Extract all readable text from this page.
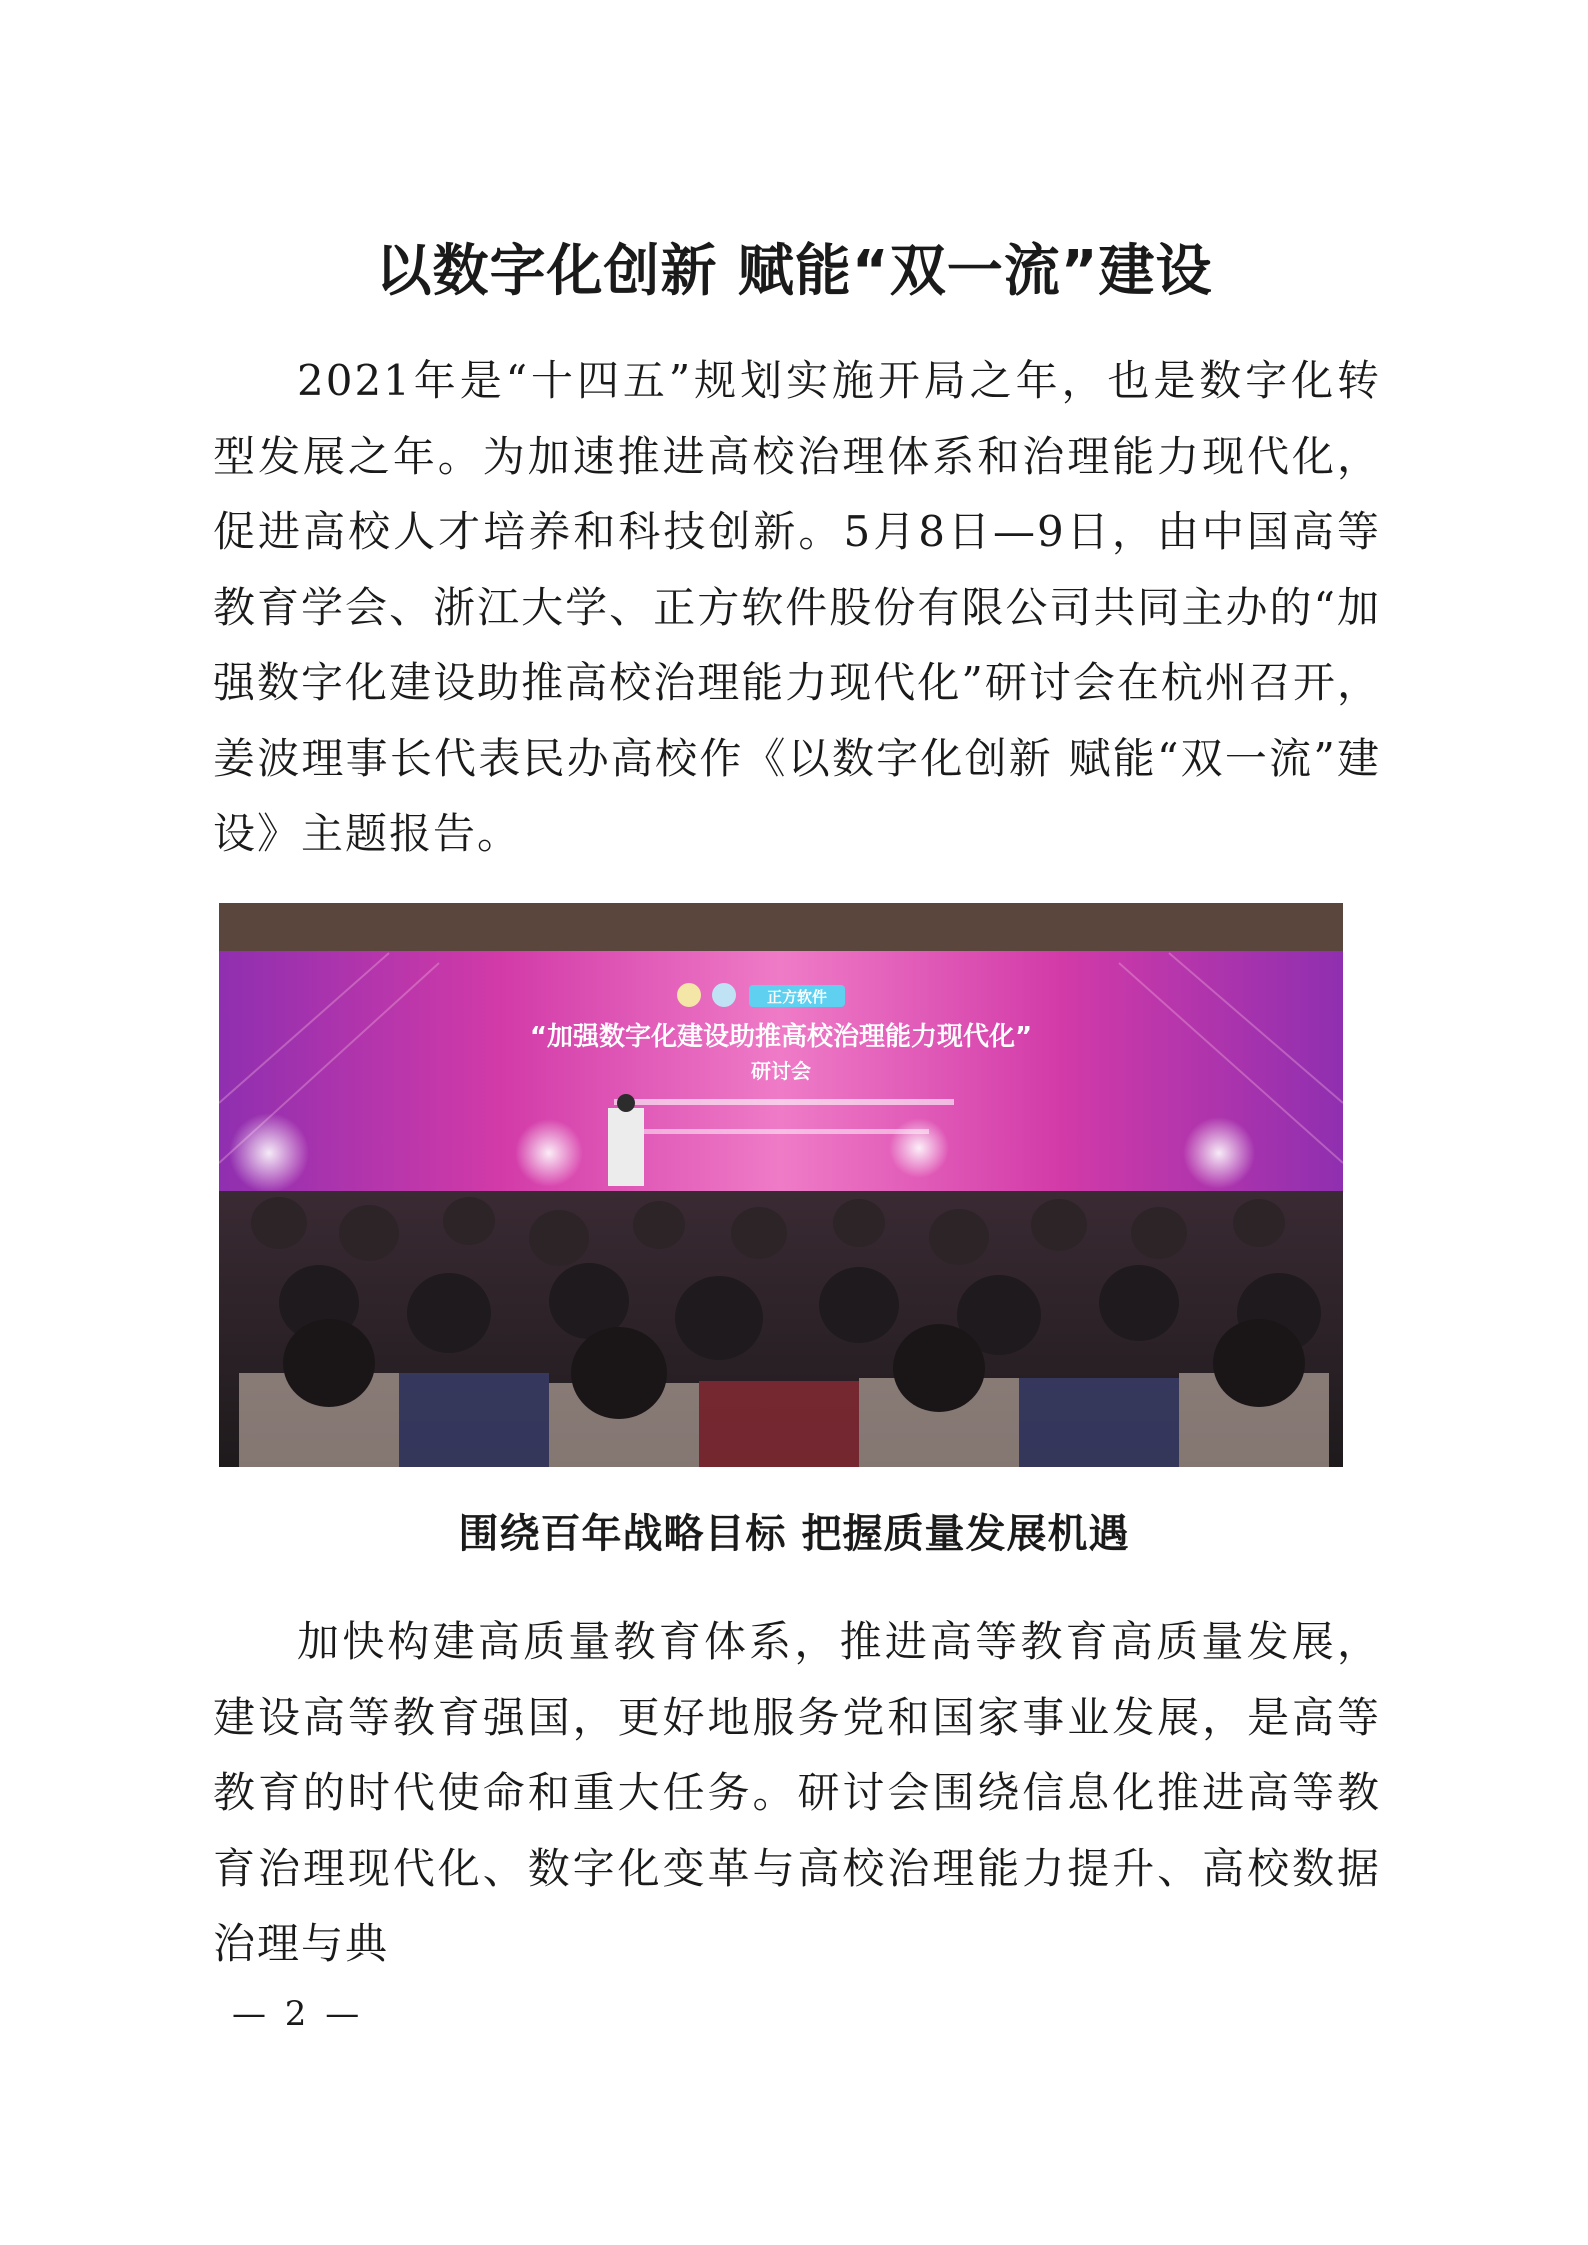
以数字化创新 赋能“双一流”建设

2021年是“十四五”规划实施开局之年，也是数字化转型发展之年。为加速推进高校治理体系和治理能力现代化，促进高校人才培养和科技创新。5月8日—9日，由中国高等教育学会、浙江大学、正方软件股份有限公司共同主办的“加强数字化建设助推高校治理能力现代化”研讨会在杭州召开，姜波理事长代表民办高校作《以数字化创新 赋能“双一流”建设》主题报告。

正方软件
“加强数字化建设助推高校治理能力现代化”
研讨会
围绕百年战略目标 把握质量发展机遇

加快构建高质量教育体系，推进高等教育高质量发展，建设高等教育强国，更好地服务党和国家事业发展，是高等教育的时代使命和重大任务。研讨会围绕信息化推进高等教育治理现代化、数字化变革与高校治理能力提升、高校数据治理与典

— 2 —
